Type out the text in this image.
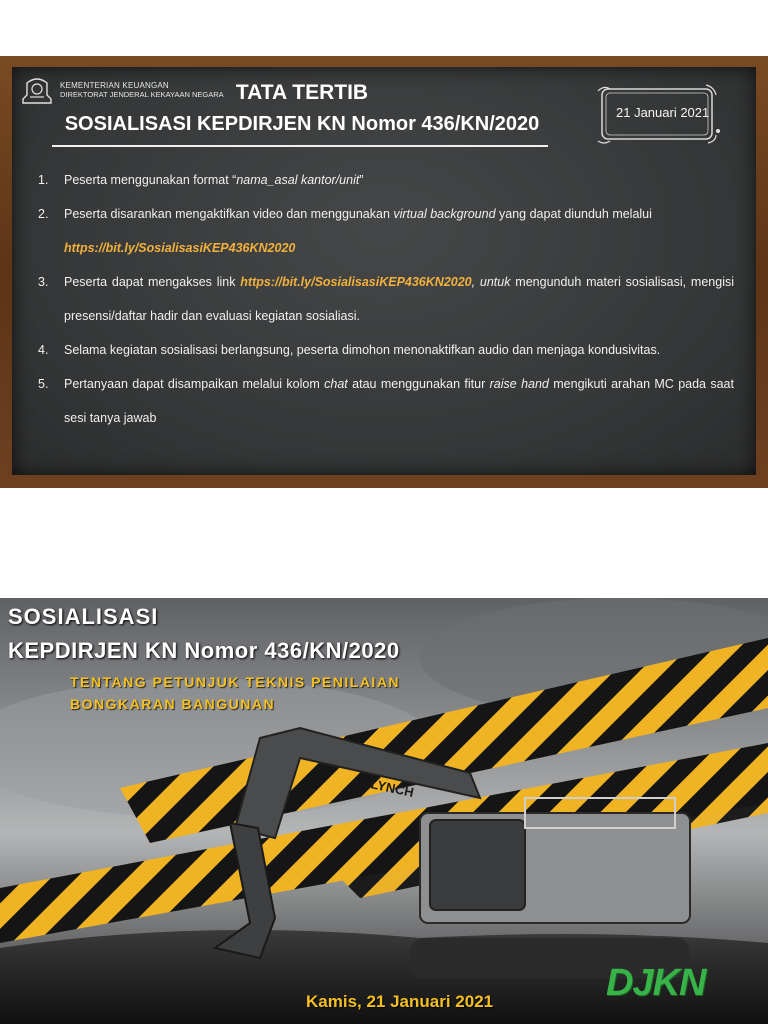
KEMENTERIAN KEUANGAN
DIREKTORAT JENDERAL KEKAYAAN NEGARA TATA TERTIB
SOSIALISASI KEPDIRJEN KN Nomor 436/KN/2020
21 Januari 2021
1. Peserta menggunakan format “nama_asal kantor/unit”
2. Peserta disarankan mengaktifkan video dan menggunakan virtual background yang dapat diunduh melalui
https://bit.ly/SosialisasiKEP436KN2020
3. Peserta dapat mengakses link https://bit.ly/SosialisasiKEP436KN2020, untuk mengunduh materi sosialisasi, mengisi presensi/daftar hadir dan evaluasi kegiatan sosialiasi.
4. Selama kegiatan sosialisasi berlangsung, peserta dimohon menonaktifkan audio dan menjaga kondusivitas.
5. Pertanyaan dapat disampaikan melalui kolom chat atau menggunakan fitur raise hand mengikuti arahan MC pada saat sesi tanya jawab
LYNCH
SOSIALISASI
KEPDIRJEN KN Nomor 436/KN/2020
TENTANG PETUNJUK TEKNIS PENILAIAN
BONGKARAN BANGUNAN
Kamis, 21 Januari 2021	DJKN
